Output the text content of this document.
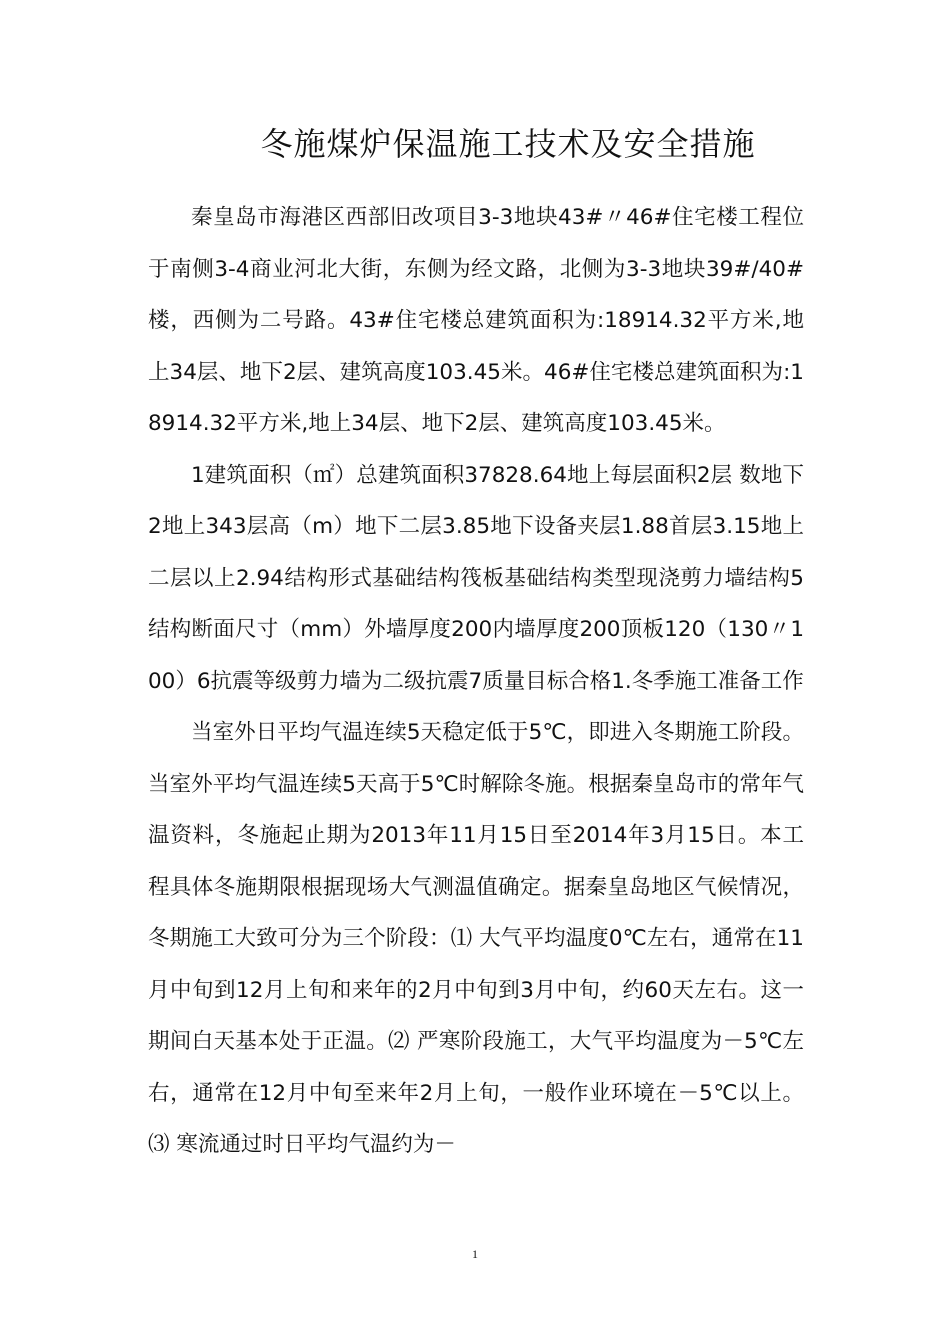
冬施煤炉保温施工技术及安全措施

秦皇岛市海港区西部旧改项目3-3地块43#〃46#住宅楼工程位于南侧3-4商业河北大街，东侧为经文路，北侧为3-3地块39#/40#楼，西侧为二号路。43#住宅楼总建筑面积为:18914.32平方米,地上34层、地下2层、建筑高度103.45米。46#住宅楼总建筑面积为:18914.32平方米,地上34层、地下2层、建筑高度103.45米。

1建筑面积（㎡）总建筑面积37828.64地上每层面积2层 数地下2地上343层高（m）地下二层3.85地下设备夹层1.88首层3.15地上二层以上2.94结构形式基础结构筏板基础结构类型现浇剪力墙结构5结构断面尺寸（mm）外墙厚度200内墙厚度200顶板120（130〃100）6抗震等级剪力墙为二级抗震7质量目标合格1.冬季施工准备工作

当室外日平均气温连续5天稳定低于5℃，即进入冬期施工阶段。当室外平均气温连续5天高于5℃时解除冬施。根据秦皇岛市的常年气温资料，冬施起止期为2013年11月15日至2014年3月15日。本工程具体冬施期限根据现场大气测温值确定。据秦皇岛地区气候情况，冬期施工大致可分为三个阶段：⑴ 大气平均温度0℃左右，通常在11月中旬到12月上旬和来年的2月中旬到3月中旬，约60天左右。这一期间白天基本处于正温。⑵ 严寒阶段施工，大气平均温度为－5℃左右，通常在12月中旬至来年2月上旬，一般作业环境在－5℃以上。⑶ 寒流通过时日平均气温约为－

1
